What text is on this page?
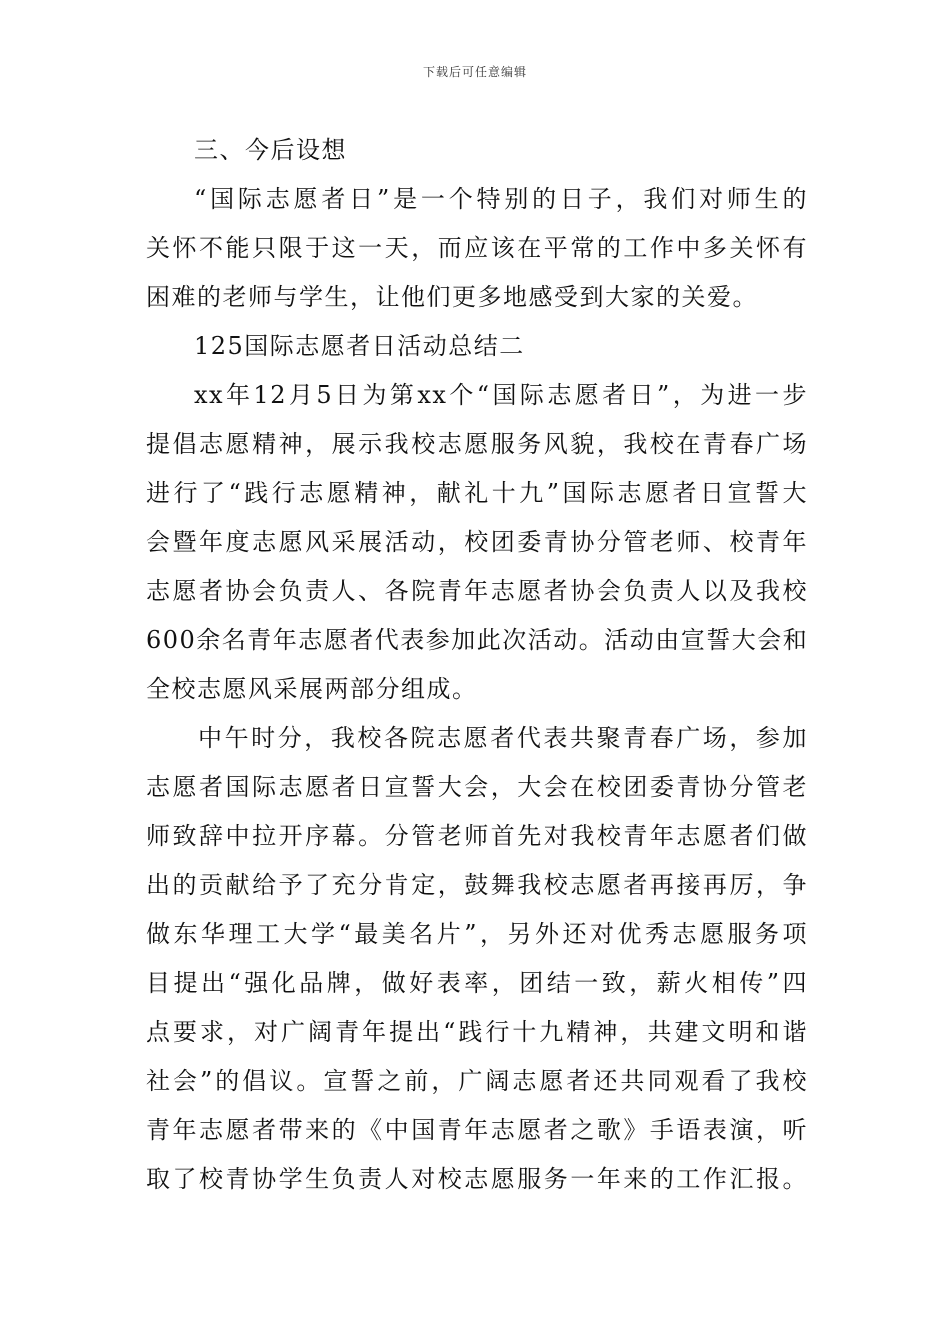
下载后可任意编辑
三、今后设想
“国际志愿者日”是一个特别的日子，我们对师生的
关怀不能只限于这一天，而应该在平常的工作中多关怀有
困难的老师与学生，让他们更多地感受到大家的关爱。
125国际志愿者日活动总结二
xx年12月5日为第xx个“国际志愿者日”，为进一步
提倡志愿精神，展示我校志愿服务风貌，我校在青春广场
进行了“践行志愿精神，献礼十九”国际志愿者日宣誓大
会暨年度志愿风采展活动，校团委青协分管老师、校青年
志愿者协会负责人、各院青年志愿者协会负责人以及我校
600余名青年志愿者代表参加此次活动。活动由宣誓大会和
全校志愿风采展两部分组成。
中午时分，我校各院志愿者代表共聚青春广场，参加
志愿者国际志愿者日宣誓大会，大会在校团委青协分管老
师致辞中拉开序幕。分管老师首先对我校青年志愿者们做
出的贡献给予了充分肯定，鼓舞我校志愿者再接再厉，争
做东华理工大学“最美名片”，另外还对优秀志愿服务项
目提出“强化品牌，做好表率，团结一致，薪火相传”四
点要求，对广阔青年提出“践行十九精神，共建文明和谐
社会”的倡议。宣誓之前，广阔志愿者还共同观看了我校
青年志愿者带来的《中国青年志愿者之歌》手语表演，听
取了校青协学生负责人对校志愿服务一年来的工作汇报。
